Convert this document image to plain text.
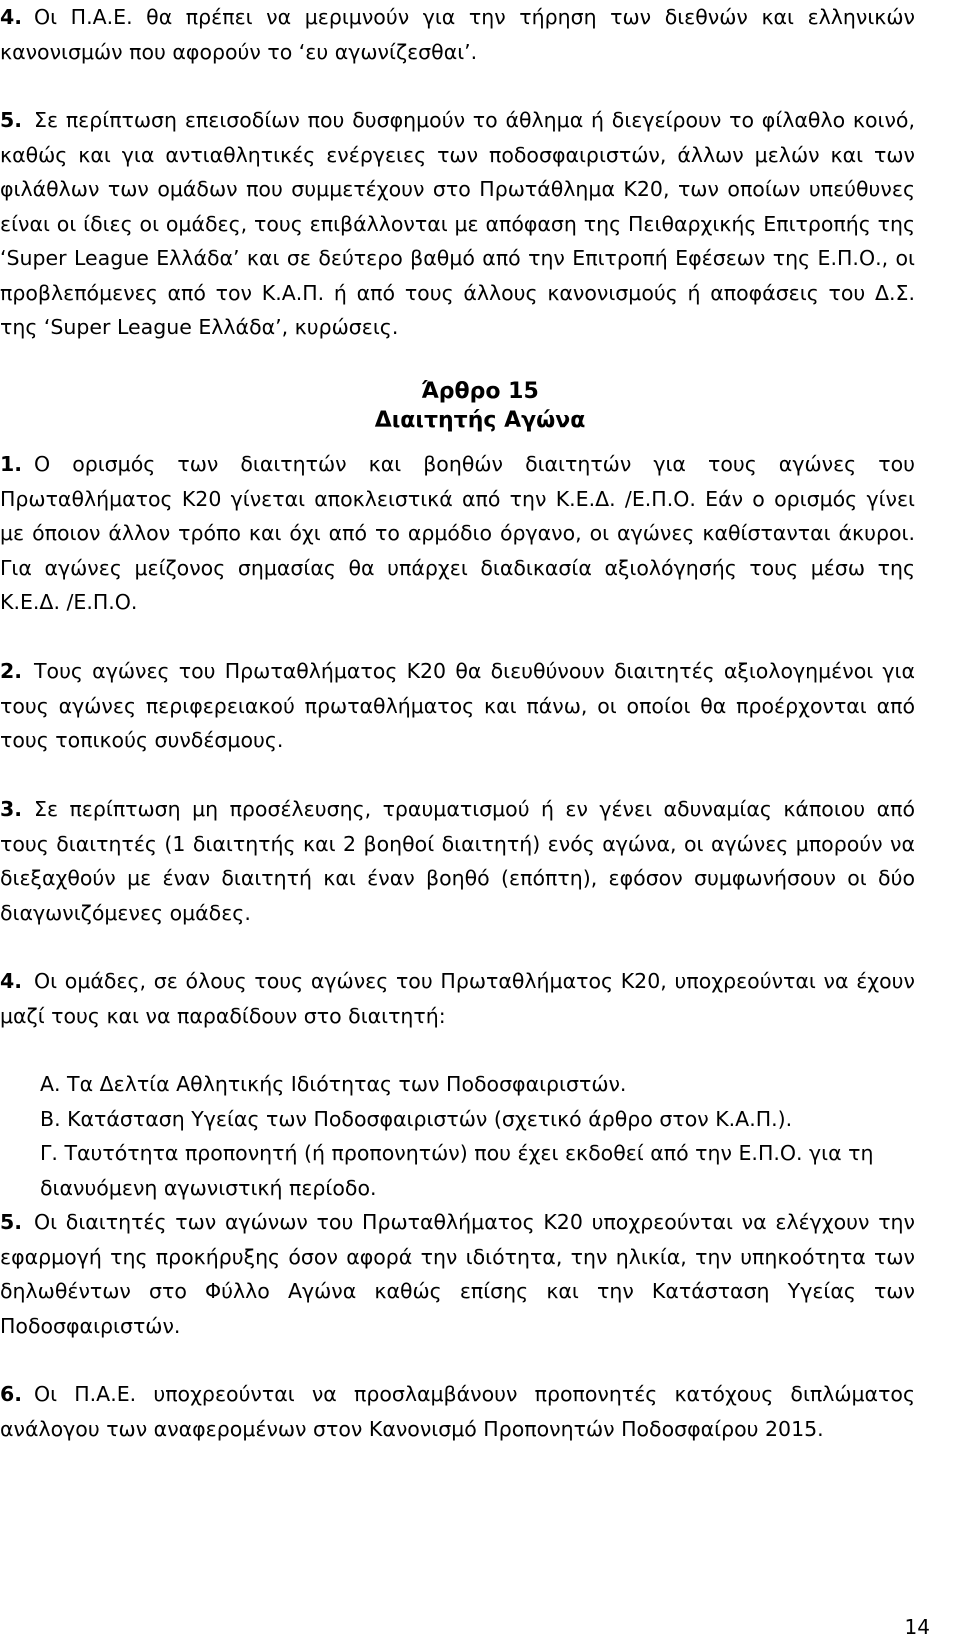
4. Οι Π.Α.Ε. θα πρέπει να μεριμνούν για την τήρηση των διεθνών και ελληνικών κανονισμών που αφορούν το ‘ευ αγωνίζεσθαι’.

5. Σε περίπτωση επεισοδίων που δυσφημούν το άθλημα ή διεγείρουν το φίλαθλο κοινό, καθώς και για αντιαθλητικές ενέργειες των ποδοσφαιριστών, άλλων μελών και των φιλάθλων των ομάδων που συμμετέχουν στο Πρωτάθλημα Κ20, των οποίων υπεύθυνες είναι οι ίδιες οι ομάδες, τους επιβάλλονται με απόφαση της Πειθαρχικής Επιτροπής της ‘Super League Ελλάδα’ και σε δεύτερο βαθμό από την Επιτροπή Εφέσεων της Ε.Π.Ο., οι προβλεπόμενες από τον Κ.Α.Π. ή από τους άλλους κανονισμούς ή αποφάσεις του Δ.Σ. της ‘Super League Ελλάδα’, κυρώσεις.

Άρθρο 15
Διαιτητής Αγώνα

1. Ο ορισμός των διαιτητών και βοηθών διαιτητών για τους αγώνες του Πρωταθλήματος Κ20 γίνεται αποκλειστικά από την Κ.Ε.Δ. /Ε.Π.Ο. Εάν ο ορισμός γίνει με όποιον άλλον τρόπο και όχι από το αρμόδιο όργανο, οι αγώνες καθίστανται άκυροι. Για αγώνες μείζονος σημασίας θα υπάρχει διαδικασία αξιολόγησής τους μέσω της Κ.Ε.Δ. /Ε.Π.Ο.

2. Τους αγώνες του Πρωταθλήματος Κ20 θα διευθύνουν διαιτητές αξιολογημένοι για τους αγώνες περιφερειακού πρωταθλήματος και πάνω, οι οποίοι θα προέρχονται από τους τοπικούς συνδέσμους.

3. Σε περίπτωση μη προσέλευσης, τραυματισμού ή εν γένει αδυναμίας κάποιου από τους διαιτητές (1 διαιτητής και 2 βοηθοί διαιτητή) ενός αγώνα, οι αγώνες μπορούν να διεξαχθούν με έναν διαιτητή και έναν βοηθό (επόπτη), εφόσον συμφωνήσουν οι δύο διαγωνιζόμενες ομάδες.

4. Οι ομάδες, σε όλους τους αγώνες του Πρωταθλήματος Κ20, υποχρεούνται να έχουν μαζί τους και να παραδίδουν στο διαιτητή:

Α. Τα Δελτία Αθλητικής Ιδιότητας των Ποδοσφαιριστών.
Β. Κατάσταση Υγείας των Ποδοσφαιριστών (σχετικό άρθρο στον Κ.Α.Π.).
Γ. Ταυτότητα προπονητή (ή προπονητών) που έχει εκδοθεί από την Ε.Π.Ο. για τη διανυόμενη αγωνιστική περίοδο.

5. Οι διαιτητές των αγώνων του Πρωταθλήματος Κ20 υποχρεούνται να ελέγχουν την εφαρμογή της προκήρυξης όσον αφορά την ιδιότητα, την ηλικία, την υπηκοότητα των δηλωθέντων στο Φύλλο Αγώνα καθώς επίσης και την Κατάσταση Υγείας των Ποδοσφαιριστών.

6. Οι Π.Α.Ε. υποχρεούνται να προσλαμβάνουν προπονητές κατόχους διπλώματος ανάλογου των αναφερομένων στον Κανονισμό Προπονητών Ποδοσφαίρου 2015.

14
